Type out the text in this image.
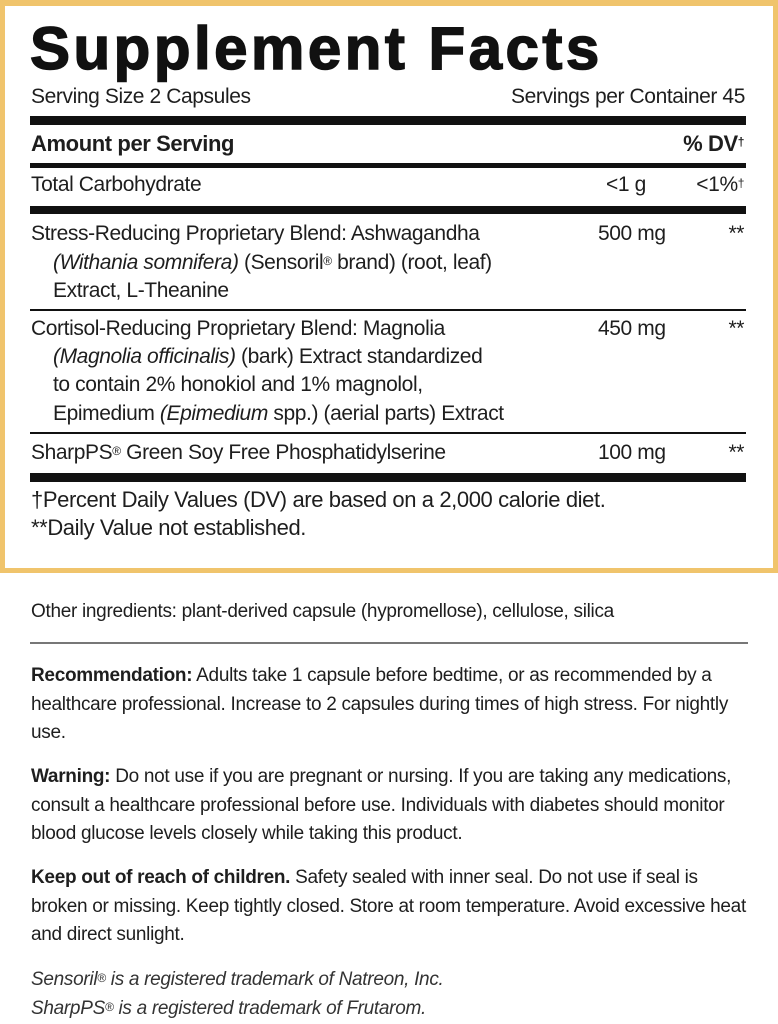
Supplement Facts
Serving Size 2 Capsules	Servings per Container 45
Amount per Serving	% DV†
Total Carbohydrate	<1 g <1%†
Stress-Reducing Proprietary Blend: Ashwagandha
(Withania somnifera) (Sensoril® brand) (root, leaf)
Extract, L-Theanine
500 mg	**
Cortisol-Reducing Proprietary Blend: Magnolia
(Magnolia officinalis) (bark) Extract standardized
to contain 2% honokiol and 1% magnolol,
Epimedium (Epimedium spp.) (aerial parts) Extract
450 mg	**
SharpPS® Green Soy Free Phosphatidylserine	100 mg	**
†Percent Daily Values (DV) are based on a 2,000 calorie diet.
**Daily Value not established.
Other ingredients: plant-derived capsule (hypromellose), cellulose, silica

Recommendation: Adults take 1 capsule before bedtime, or as recommended by a healthcare professional. Increase to 2 capsules during times of high stress. For nightly use.

Warning: Do not use if you are pregnant or nursing. If you are taking any medications, consult a healthcare professional before use. Individuals with diabetes should monitor blood glucose levels closely while taking this product.

Keep out of reach of children. Safety sealed with inner seal. Do not use if seal is broken or missing. Keep tightly closed. Store at room temperature. Avoid excessive heat and direct sunlight.

Sensoril® is a registered trademark of Natreon, Inc.
SharpPS® is a registered trademark of Frutarom.
